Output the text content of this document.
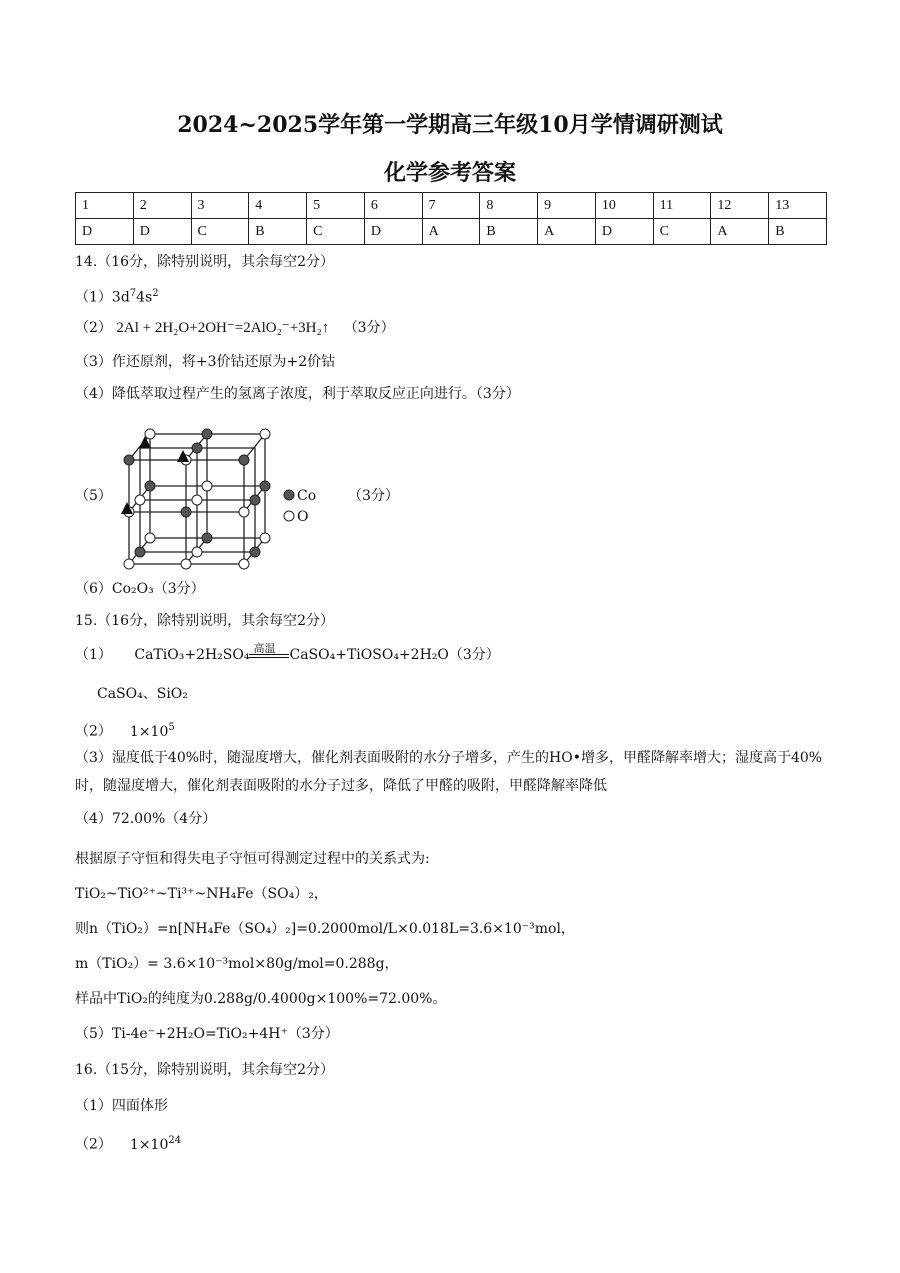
2024~2025学年第一学期高三年级10月学情调研测试
化学参考答案
1	2	3	4	5	6	7	8	9	10	11	12	13
D	D	C	B	C	D	A	B	A	D	C	A	B
14.（16分，除特别说明，其余每空2分）
$(1)3d^74s^2$
（2） 2Al + 2H₂O+2OH⁻=2AlO₂⁻+3H₂↑ （3分）
（3）作还原剂，将+3价钴还原为+2价钴
（4）降低萃取过程产生的氢离子浓度，利于萃取反应正向进行。（3分）
（5）	Co
O
（3分）
（6）Co₂O₃（3分）
15.（16分，除特别说明，其余每空2分）
（1） CaTiO₃+2H₂SO₄ 高温 CaSO₄+TiOSO₄+2H₂O（3分）
CaSO₄、SiO₂
（2） $1\times 10^5$
（3）湿度低于40%时，随湿度增大，催化剂表面吸附的水分子增多，产生的HO•增多，甲醛降解率增大；湿度高于40%时，随湿度增大，催化剂表面吸附的水分子过多，降低了甲醛的吸附，甲醛降解率降低
（4）72.00%（4分）
根据原子守恒和得失电子守恒可得测定过程中的关系式为:
TiO₂~TiO²⁺~Ti³⁺~NH₄Fe（SO₄）₂，
则n（TiO₂）=n[NH₄Fe（SO₄）₂]=0.2000mol/L×0.018L=3.6×10⁻³mol，
m（TiO₂）= 3.6×10⁻³mol×80g/mol=0.288g，
样品中TiO₂的纯度为0.288g/0.4000g×100%=72.00%。
（5）Ti-4e⁻+2H₂O=TiO₂+4H⁺（3分）
16.（15分，除特别说明，其余每空2分）
（1）四面体形
（2） $1\times 10^{24}$
